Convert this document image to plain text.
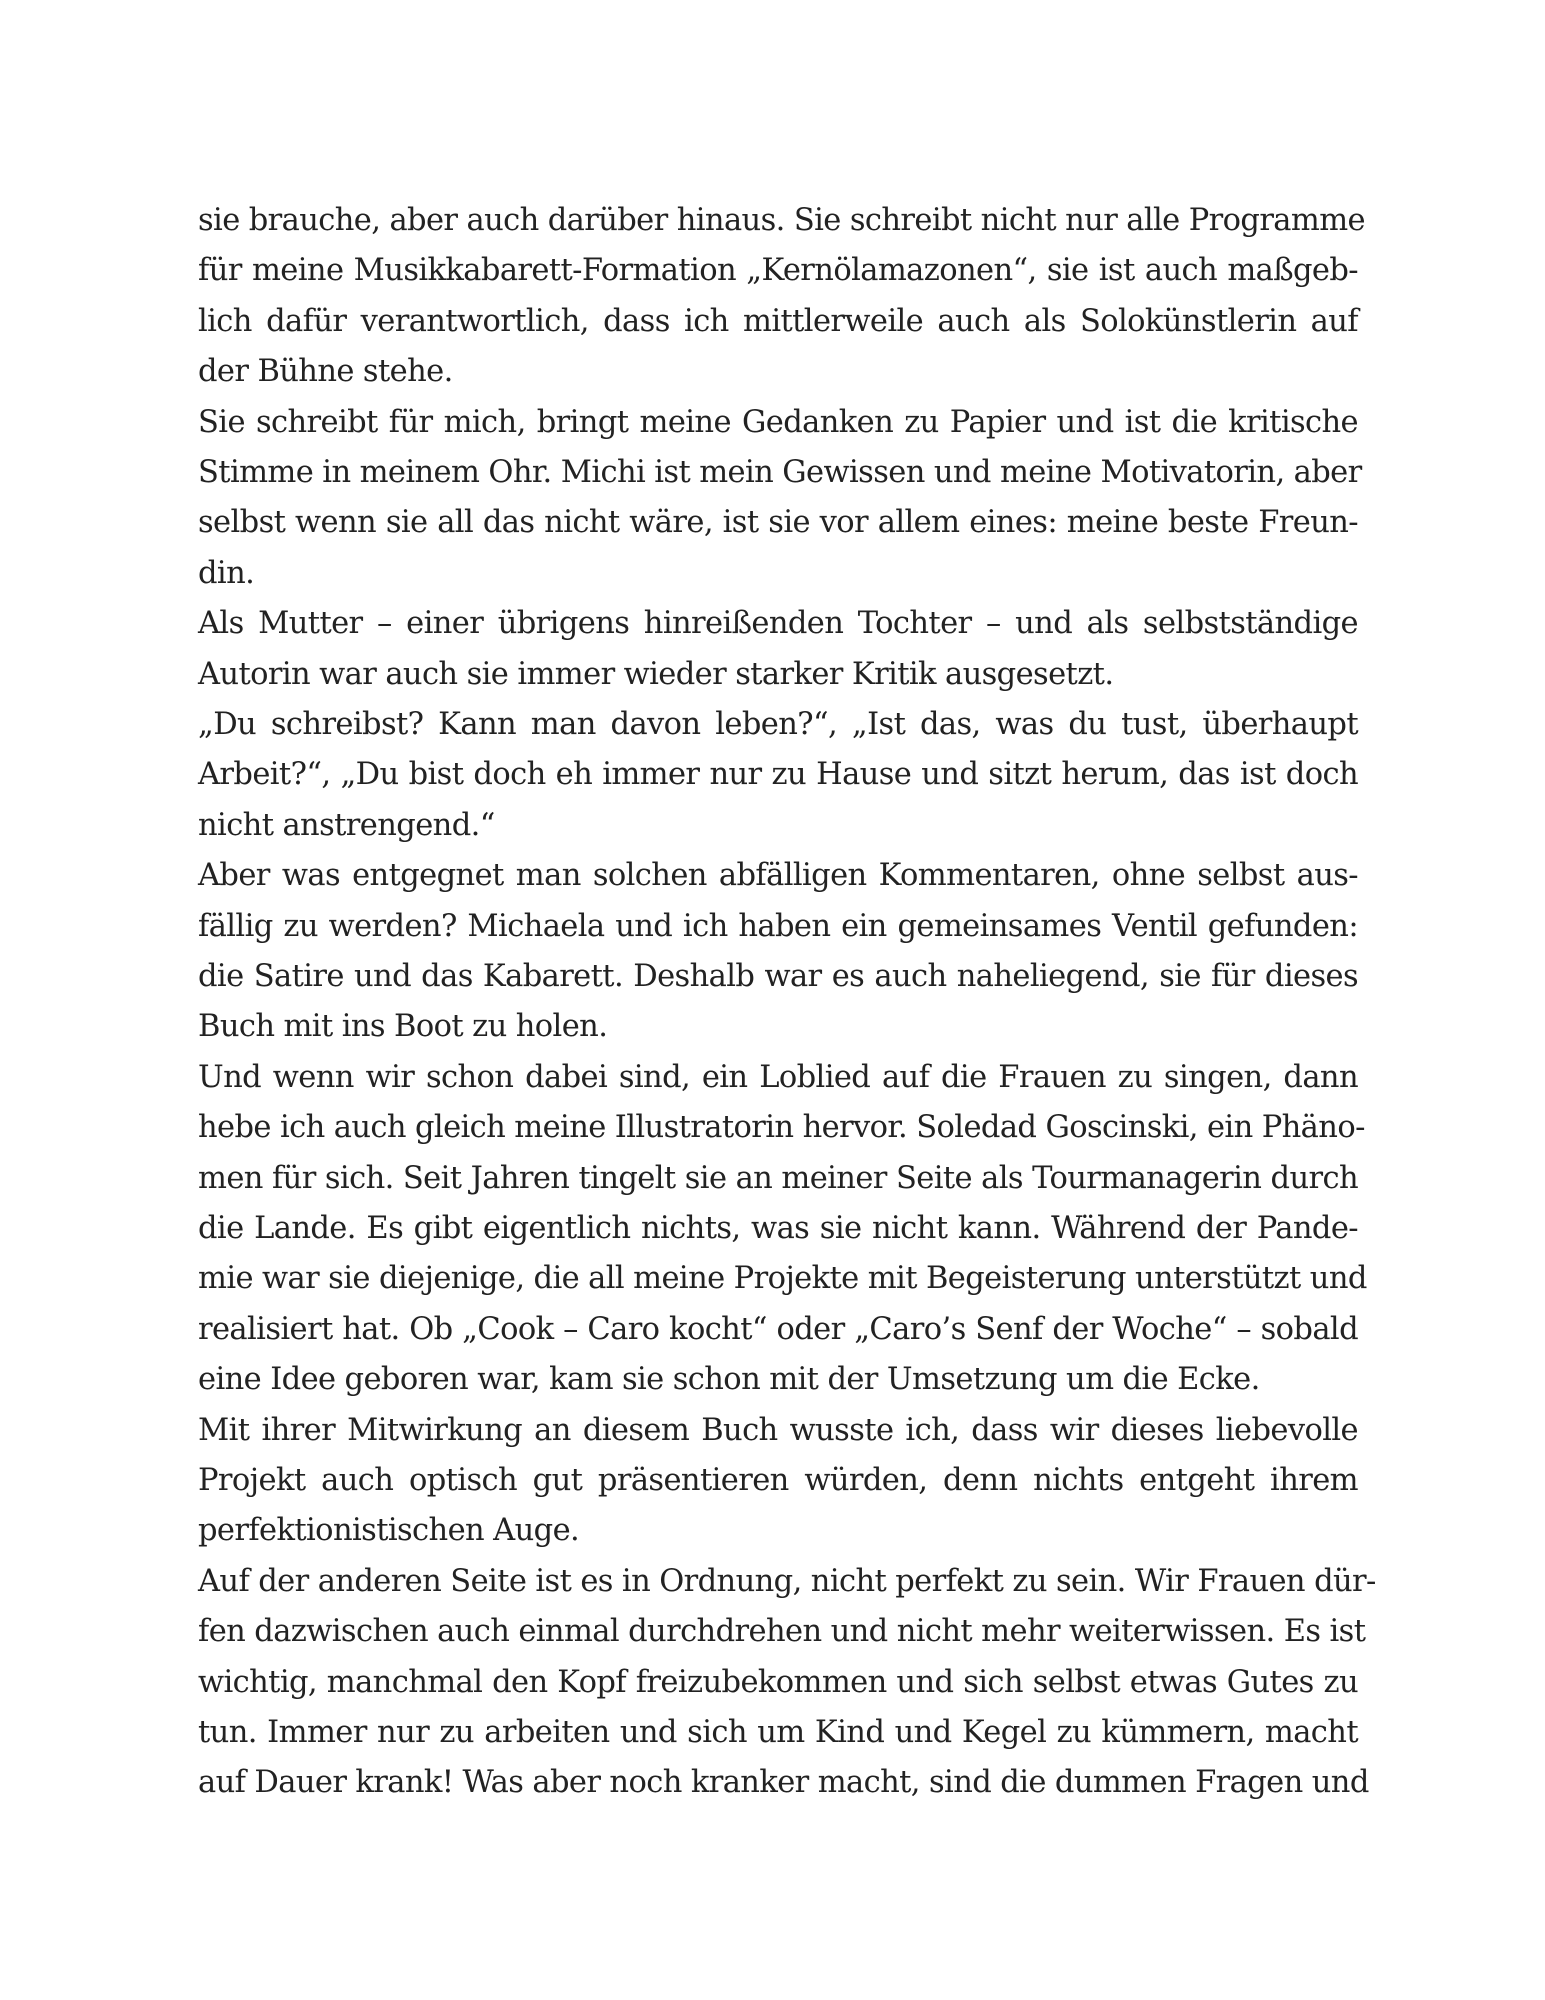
sie brauche, aber auch darüber hinaus. Sie schreibt nicht nur alle Programme
für meine Musikkabarett-Formation „Kernölamazonen“, sie ist auch maßgeb-
lich dafür verantwortlich, dass ich mittlerweile auch als Solokünstlerin auf
der Bühne stehe.
Sie schreibt für mich, bringt meine Gedanken zu Papier und ist die kritische
Stimme in meinem Ohr. Michi ist mein Gewissen und meine Motivatorin, aber
selbst wenn sie all das nicht wäre, ist sie vor allem eines: meine beste Freun-
din.
Als Mutter – einer übrigens hinreißenden Tochter – und als selbstständige
Autorin war auch sie immer wieder starker Kritik ausgesetzt.
„Du schreibst? Kann man davon leben?“, „Ist das, was du tust, überhaupt
Arbeit?“, „Du bist doch eh immer nur zu Hause und sitzt herum, das ist doch
nicht anstrengend.“
Aber was entgegnet man solchen abfälligen Kommentaren, ohne selbst aus-
fällig zu werden? Michaela und ich haben ein gemeinsames Ventil gefunden:
die Satire und das Kabarett. Deshalb war es auch naheliegend, sie für dieses
Buch mit ins Boot zu holen.
Und wenn wir schon dabei sind, ein Loblied auf die Frauen zu singen, dann
hebe ich auch gleich meine Illustratorin hervor. Soledad Goscinski, ein Phäno-
men für sich. Seit Jahren tingelt sie an meiner Seite als Tourmanagerin durch
die Lande. Es gibt eigentlich nichts, was sie nicht kann. Während der Pande-
mie war sie diejenige, die all meine Projekte mit Begeisterung unterstützt und
realisiert hat. Ob „Cook – Caro kocht“ oder „Caro’s Senf der Woche“ – sobald
eine Idee geboren war, kam sie schon mit der Umsetzung um die Ecke.
Mit ihrer Mitwirkung an diesem Buch wusste ich, dass wir dieses liebevolle
Projekt auch optisch gut präsentieren würden, denn nichts entgeht ihrem
perfektionistischen Auge.
Auf der anderen Seite ist es in Ordnung, nicht perfekt zu sein. Wir Frauen dür-
fen dazwischen auch einmal durchdrehen und nicht mehr weiterwissen. Es ist
wichtig, manchmal den Kopf freizubekommen und sich selbst etwas Gutes zu
tun. Immer nur zu arbeiten und sich um Kind und Kegel zu kümmern, macht
auf Dauer krank! Was aber noch kranker macht, sind die dummen Fragen und
